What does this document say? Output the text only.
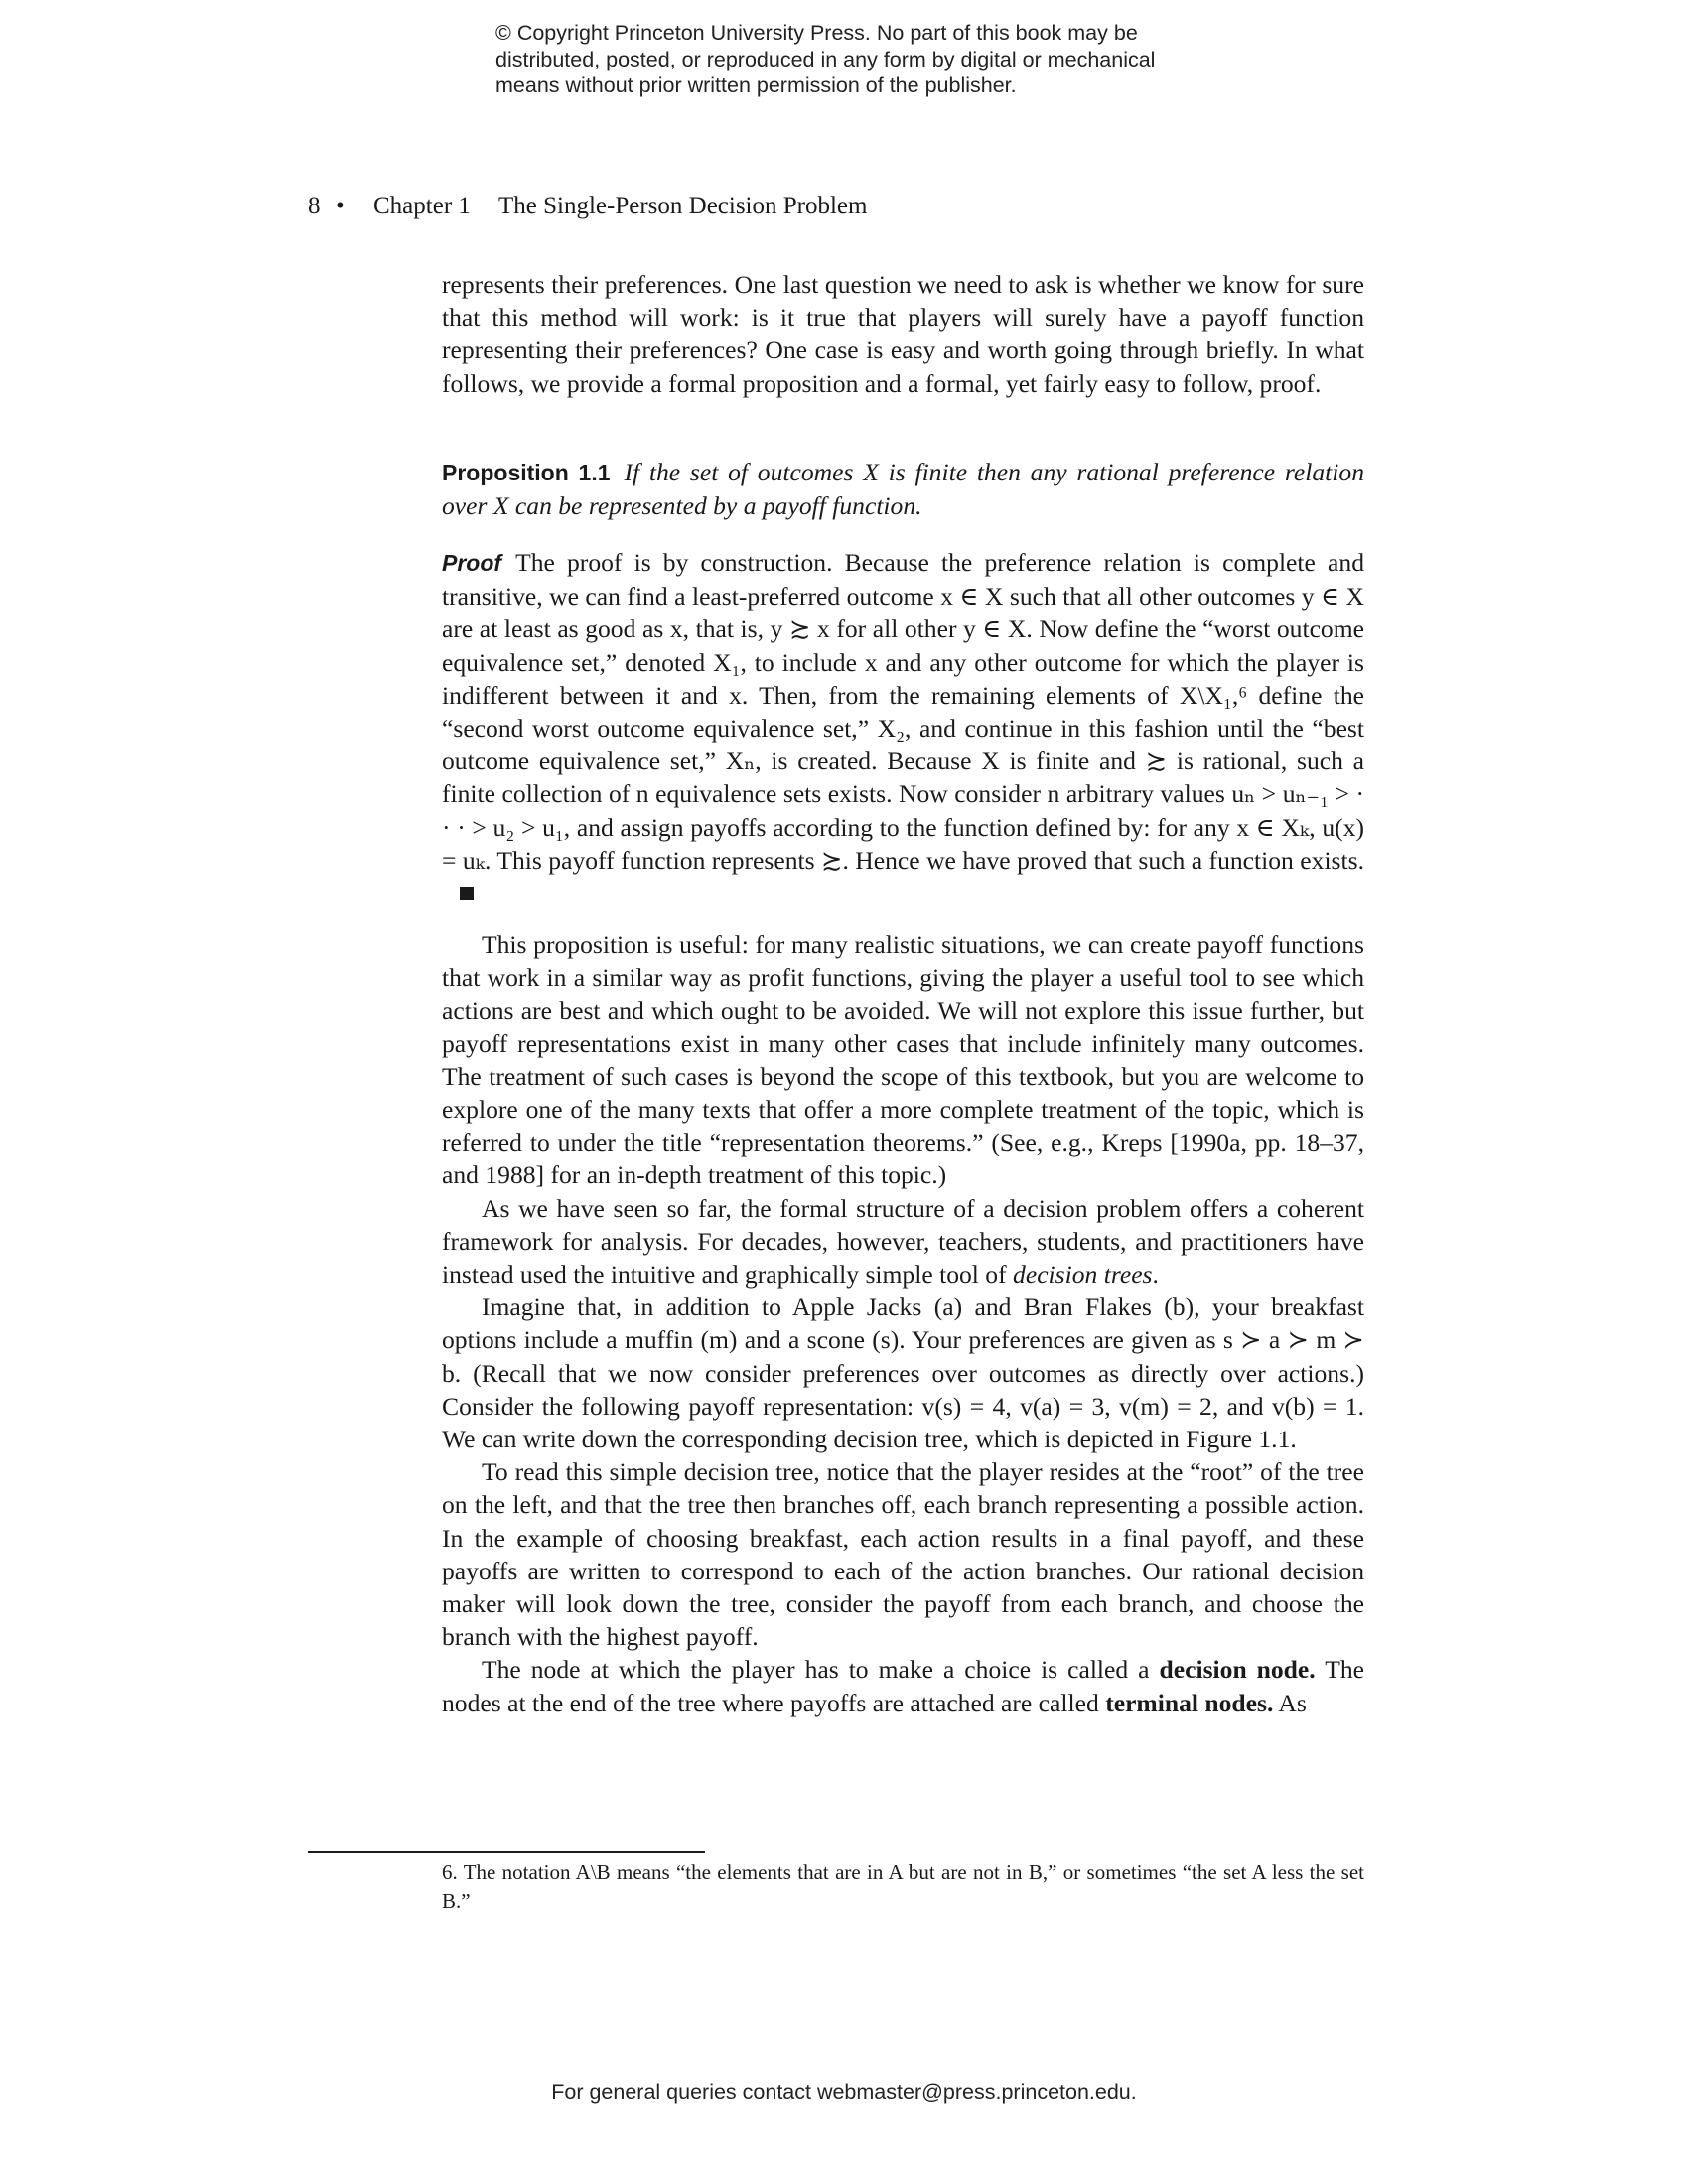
© Copyright Princeton University Press. No part of this book may be
distributed, posted, or reproduced in any form by digital or mechanical
means without prior written permission of the publisher.
8 • Chapter 1 The Single-Person Decision Problem

represents their preferences. One last question we need to ask is whether we know for sure that this method will work: is it true that players will surely have a payoff function representing their preferences? One case is easy and worth going through briefly. In what follows, we provide a formal proposition and a formal, yet fairly easy to follow, proof.

Proposition 1.1 If the set of outcomes X is finite then any rational preference relation over X can be represented by a payoff function.

Proof The proof is by construction. Because the preference relation is complete and transitive, we can find a least-preferred outcome x ∈ X such that all other outcomes y ∈ X are at least as good as x, that is, y ≿ x for all other y ∈ X. Now define the “worst outcome equivalence set,” denoted X₁, to include x and any other outcome for which the player is indifferent between it and x. Then, from the remaining elements of X\X₁,⁶ define the “second worst outcome equivalence set,” X₂, and continue in this fashion until the “best outcome equivalence set,” Xₙ, is created. Because X is finite and ≿ is rational, such a finite collection of n equivalence sets exists. Now consider n arbitrary values uₙ > uₙ₋₁ > · · · > u₂ > u₁, and assign payoffs according to the function defined by: for any x ∈ Xₖ, u(x) = uₖ. This payoff function represents ≿. Hence we have proved that such a function exists.

This proposition is useful: for many realistic situations, we can create payoff functions that work in a similar way as profit functions, giving the player a useful tool to see which actions are best and which ought to be avoided. We will not explore this issue further, but payoff representations exist in many other cases that include infinitely many outcomes. The treatment of such cases is beyond the scope of this textbook, but you are welcome to explore one of the many texts that offer a more complete treatment of the topic, which is referred to under the title “representation theorems.” (See, e.g., Kreps [1990a, pp. 18–37, and 1988] for an in-depth treatment of this topic.)

As we have seen so far, the formal structure of a decision problem offers a coherent framework for analysis. For decades, however, teachers, students, and practitioners have instead used the intuitive and graphically simple tool of decision trees.

Imagine that, in addition to Apple Jacks (a) and Bran Flakes (b), your breakfast options include a muffin (m) and a scone (s). Your preferences are given as s ≻ a ≻ m ≻ b. (Recall that we now consider preferences over outcomes as directly over actions.) Consider the following payoff representation: v(s) = 4, v(a) = 3, v(m) = 2, and v(b) = 1. We can write down the corresponding decision tree, which is depicted in Figure 1.1.

To read this simple decision tree, notice that the player resides at the “root” of the tree on the left, and that the tree then branches off, each branch representing a possible action. In the example of choosing breakfast, each action results in a final payoff, and these payoffs are written to correspond to each of the action branches. Our rational decision maker will look down the tree, consider the payoff from each branch, and choose the branch with the highest payoff.

The node at which the player has to make a choice is called a decision node. The nodes at the end of the tree where payoffs are attached are called terminal nodes. As

6. The notation A\B means “the elements that are in A but are not in B,” or sometimes “the set A less the set B.”
For general queries contact webmaster@press.princeton.edu.
